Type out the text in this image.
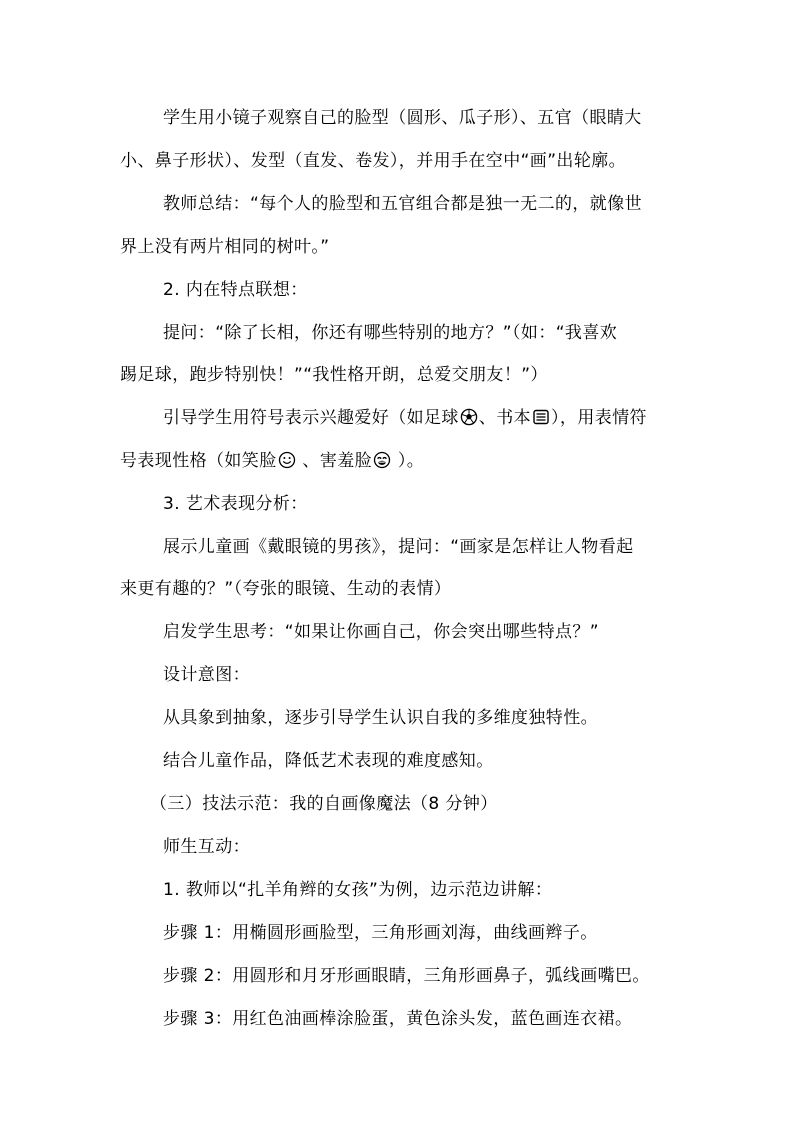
学生用小镜子观察自己的脸型（圆形、瓜子形）、五官（眼睛大
小、鼻子形状）、发型（直发、卷发），并用手在空中“画”出轮廓。
教师总结：“每个人的脸型和五官组合都是独一无二的，就像世
界上没有两片相同的树叶。”
2. 内在特点联想：
提问：“除了长相，你还有哪些特别的地方？”（如：“我喜欢
踢足球，跑步特别快！”“我性格开朗，总爱交朋友！”）
引导学生用符号表示兴趣爱好（如足球 、书本 ），用表情符
号表现性格（如笑脸
、害羞脸
）。
3. 艺术表现分析：
展示儿童画《戴眼镜的男孩》，提问：“画家是怎样让人物看起
来更有趣的？”（夸张的眼镜、生动的表情）
启发学生思考：“如果让你画自己，你会突出哪些特点？”
设计意图：
从具象到抽象，逐步引导学生认识自我的多维度独特性。
结合儿童作品，降低艺术表现的难度感知。
（三）技法示范：我的自画像魔法（8 分钟）
师生互动：
1. 教师以“扎羊角辫的女孩”为例，边示范边讲解：
步骤 1：用椭圆形画脸型，三角形画刘海，曲线画辫子。
步骤 2：用圆形和月牙形画眼睛，三角形画鼻子，弧线画嘴巴。
步骤 3：用红色油画棒涂脸蛋，黄色涂头发，蓝色画连衣裙。
